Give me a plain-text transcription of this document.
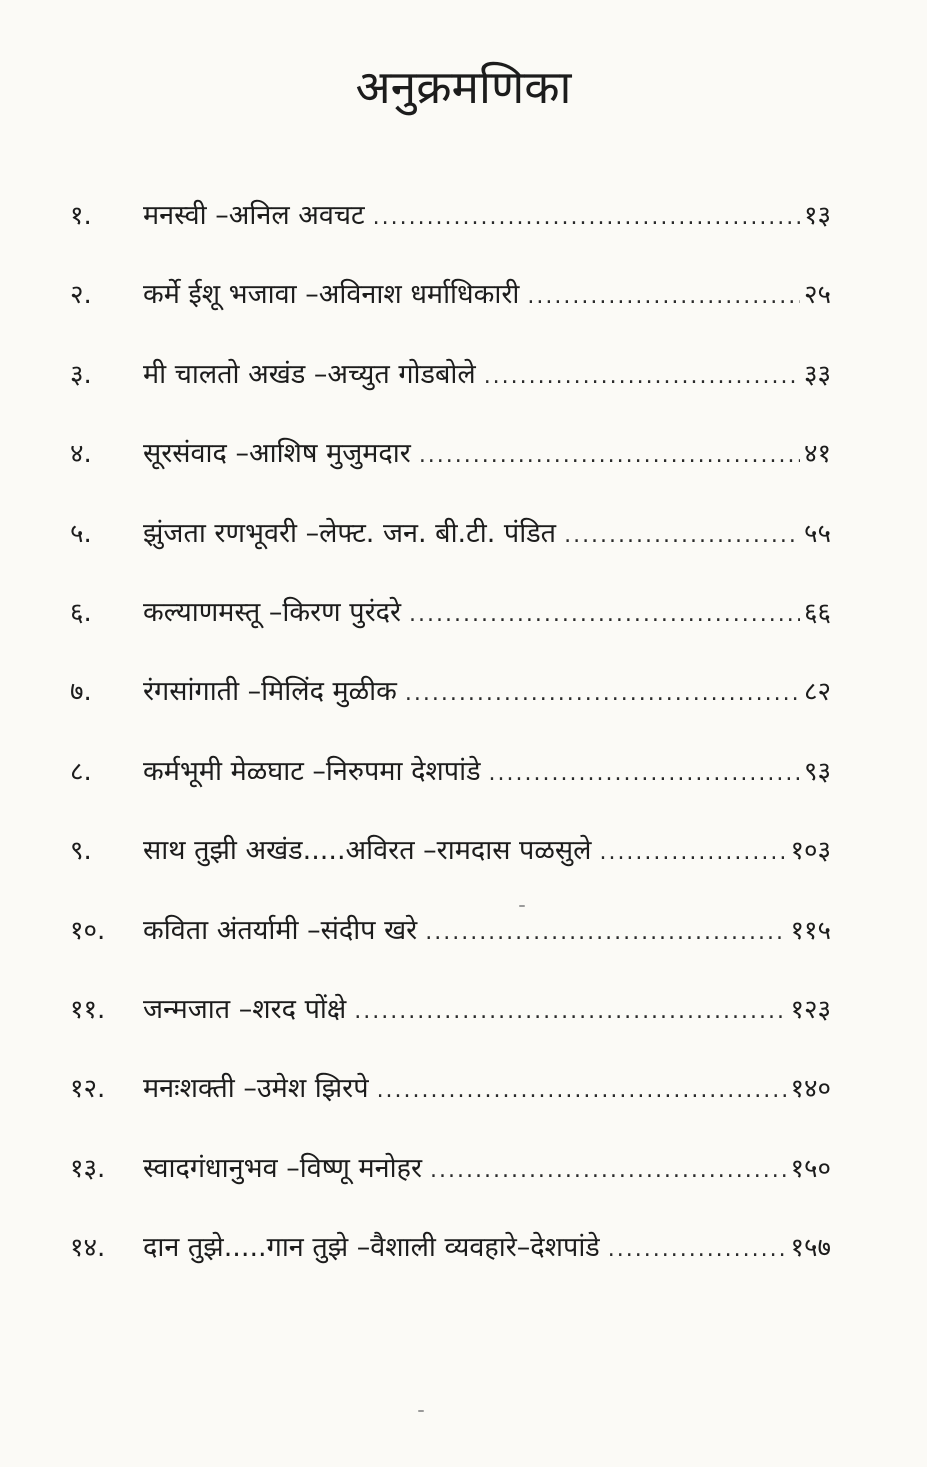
अनुक्रमणिका
१.	मनस्वी –अनिल अवचट .....	१३
२.	कर्मे ईशू भजावा –अविनाश धर्माधिकारी .....	२५
३.	मी चालतो अखंड –अच्युत गोडबोले .....	३३
४.	सूरसंवाद –आशिष मुजुमदार .....	४१
५.	झुंजता रणभूवरी –लेफ्ट. जन. बी.टी. पंडित .....	५५
६.	कल्याणमस्तू –किरण पुरंदरे .....	६६
७.	रंगसांगाती –मिलिंद मुळीक .....	८२
८.	कर्मभूमी मेळघाट –निरुपमा देशपांडे .....	९३
९.	साथ तुझी अखंड.....अविरत –रामदास पळसुले .....	१०३
१०.	कविता अंतर्यामी –संदीप खरे .....	११५
११.	जन्मजात –शरद पोंक्षे .....	१२३
१२.	मनःशक्ती –उमेश झिरपे .....	१४०
१३.	स्वादगंधानुभव –विष्णू मनोहर .....	१५०
१४.	दान तुझे.....गान तुझे –वैशाली व्यवहारे–देशपांडे .....	१५७
